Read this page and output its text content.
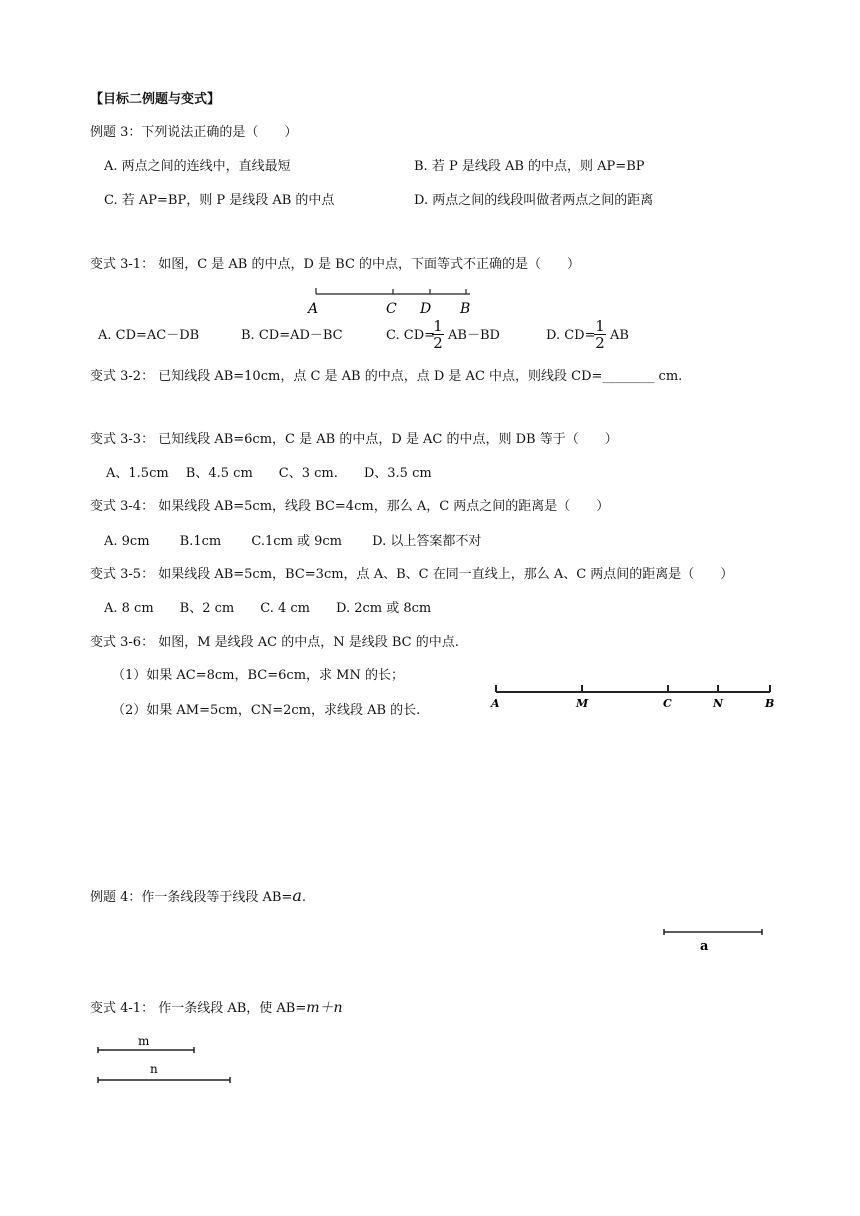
【目标二例题与变式】
例题 3：下列说法正确的是（　　）
A. 两点之间的连线中，直线最短	B. 若 P 是线段 AB 的中点，则 AP=BP
C. 若 AP=BP，则 P 是线段 AB 的中点	D. 两点之间的线段叫做者两点之间的距离
变式 3-1： 如图，C 是 AB 的中点，D 是 BC 的中点，下面等式不正确的是（　　）
A	C D B
A	M	C	N	B
a
m
n
A. CD=AC－DB	B. CD=AD－BC	C. CD=
$\frac{1}{2} AB-BD$	D. CD=
$\frac{1}{2}$ AB
变式 3-2： 已知线段 AB=10cm，点 C 是 AB 的中点，点 D 是 AC 中点，则线段 CD=________ cm.
变式 3-3： 已知线段 AB=6cm，C 是 AB 的中点，D 是 AC 的中点，则 DB 等于（　　）
A、1.5cm　 B、4.5 cm　　C、3 cm.　　D、3.5 cm
变式 3-4： 如果线段 AB=5cm，线段 BC=4cm，那么 A，C 两点之间的距离是（　　）
A. 9cm　　 B.1cm　　 C.1cm 或 9cm　　 D. 以上答案都不对
变式 3-5： 如果线段 AB=5cm，BC=3cm，点 A、B、C 在同一直线上，那么 A、C 两点间的距离是（　　）
A. 8 cm　　B、2 cm　　C. 4 cm　　D. 2cm 或 8cm
变式 3-6： 如图，M 是线段 AC 的中点，N 是线段 BC 的中点.
（1）如果 AC=8cm，BC=6cm，求 MN 的长；
（2）如果 AM=5cm，CN=2cm，求线段 AB 的长.
例题 4：作一条线段等于线段 AB=a.
变式 4-1： 作一条线段 AB，使 AB=m＋n
